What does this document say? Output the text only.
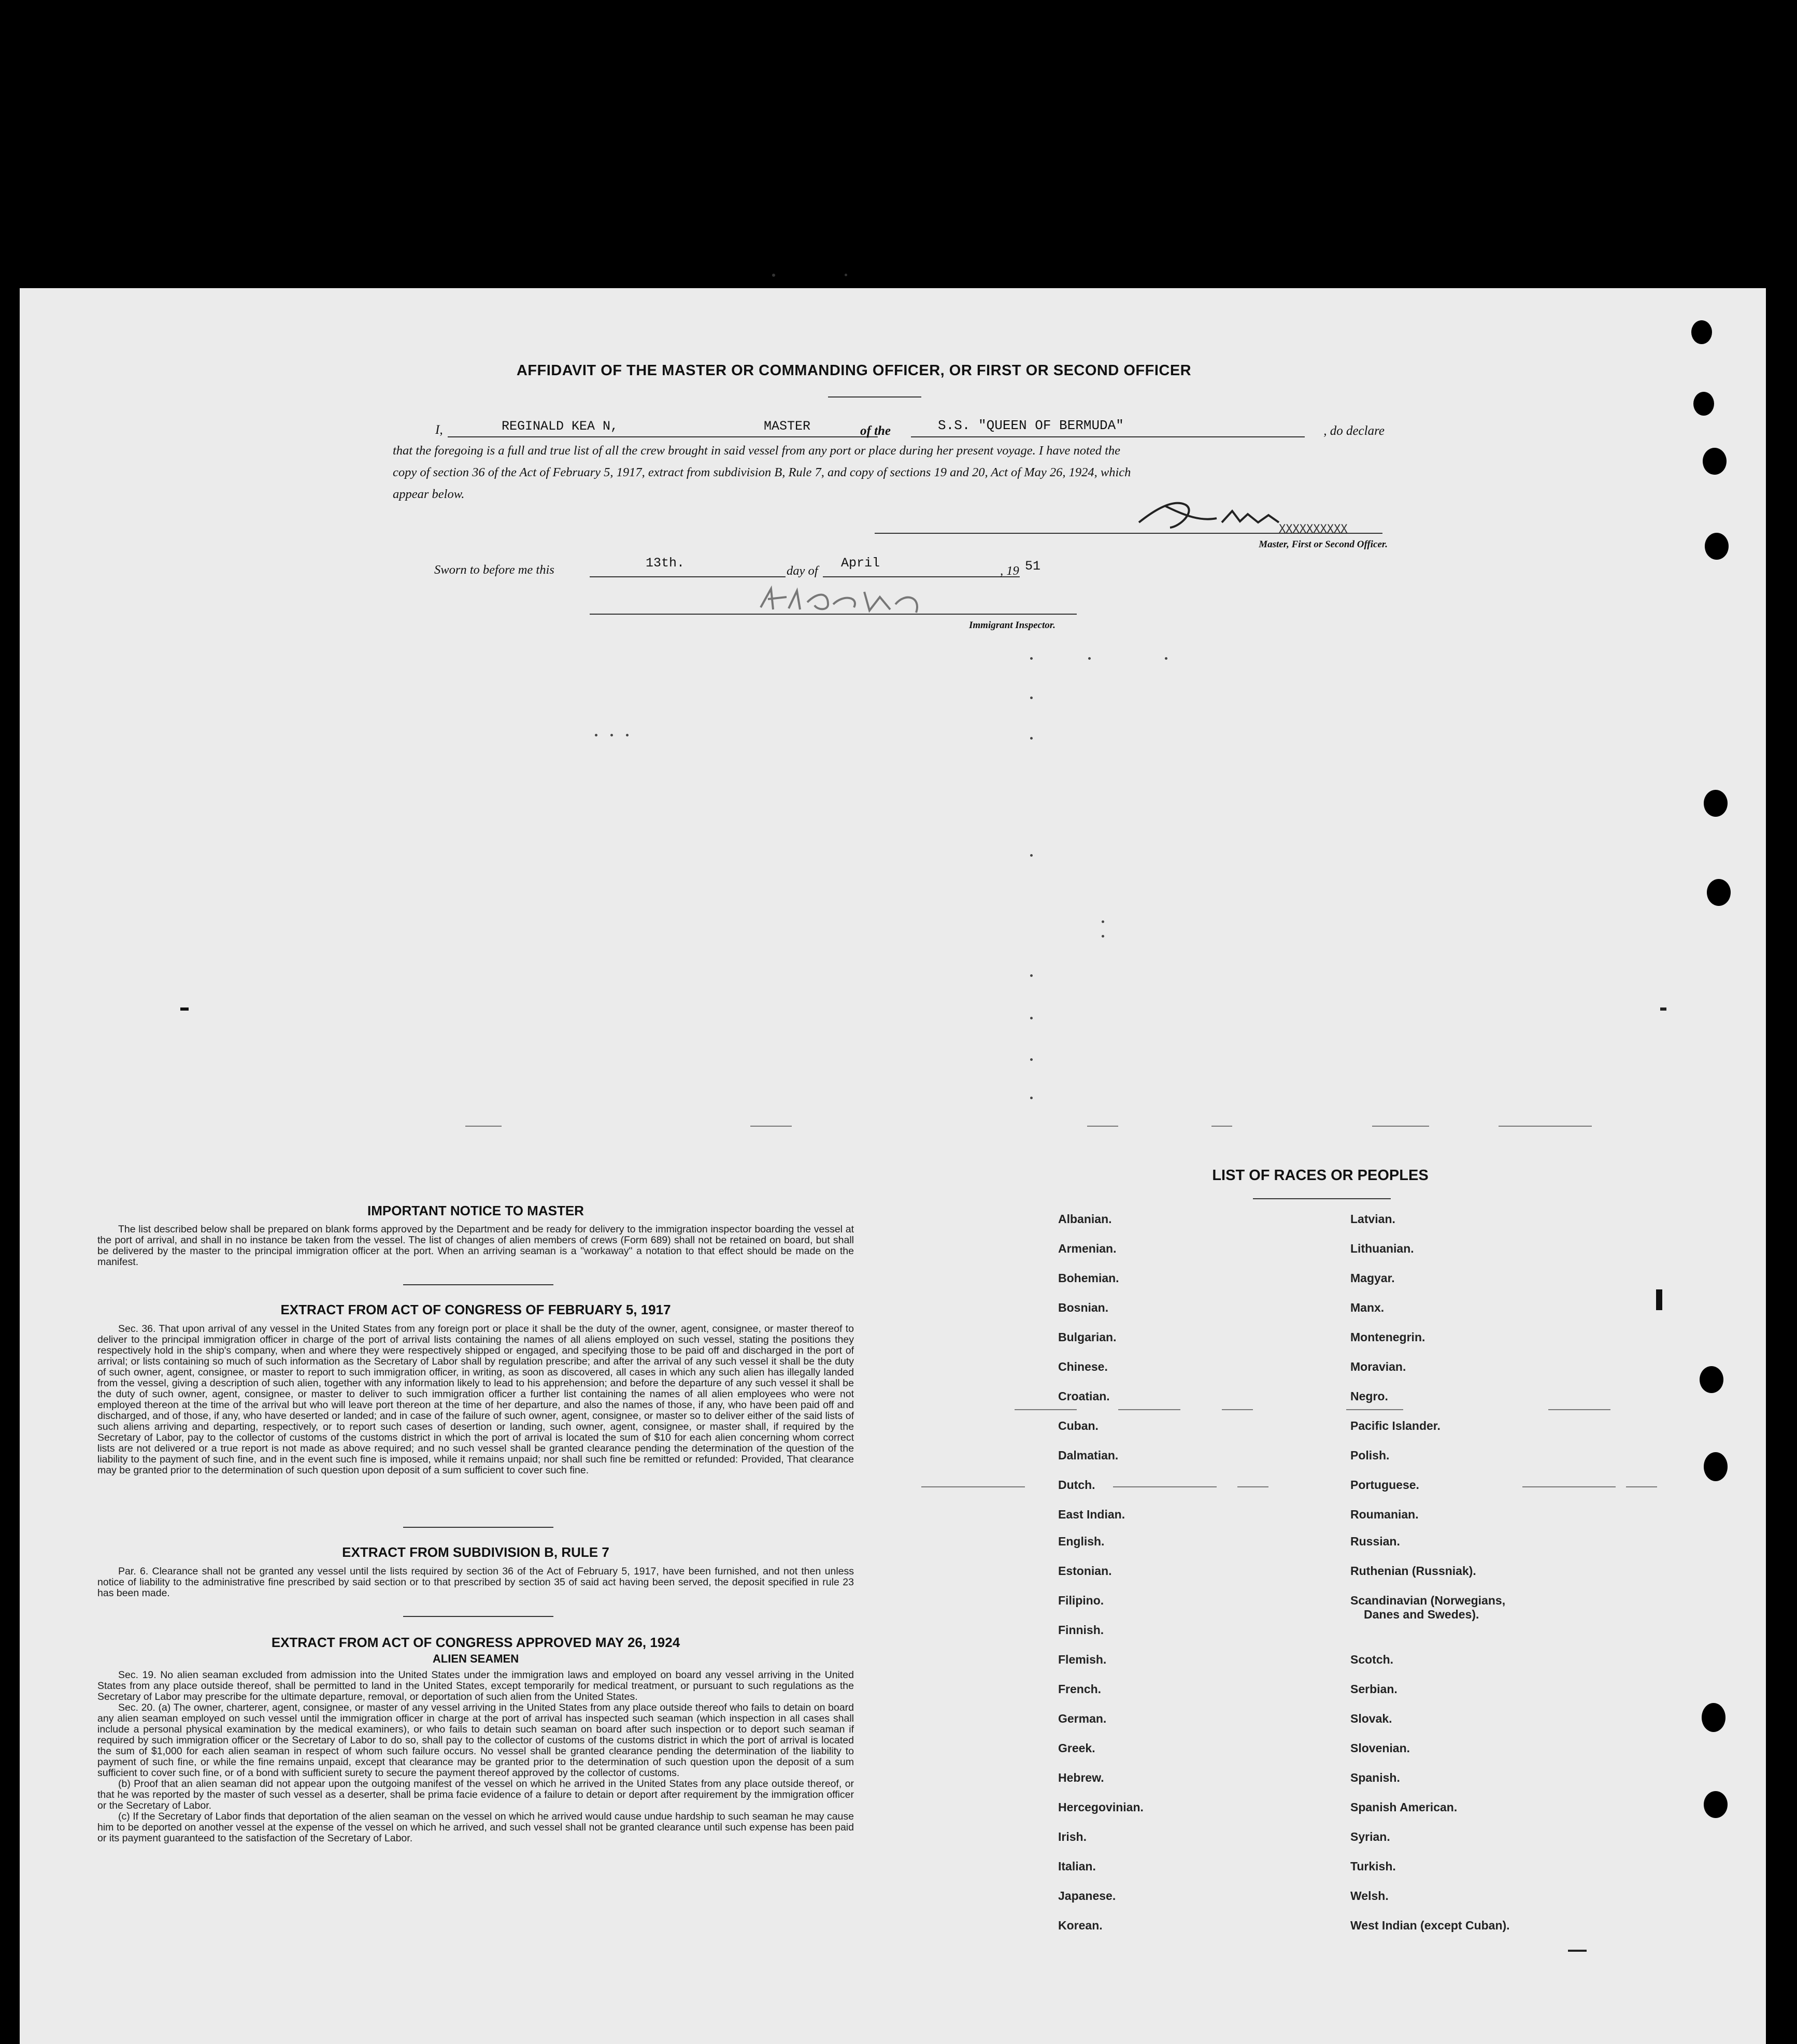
AFFIDAVIT OF THE MASTER OR COMMANDING OFFICER, OR FIRST OR SECOND OFFICER
I,	REGINALD KEA N,	MASTER	of the	S.S. "QUEEN OF BERMUDA"	, do declare
that the foregoing is a full and true list of all the crew brought in said vessel from any port or place during her present voyage. I have noted the
copy of section 36 of the Act of February 5, 1917, extract from subdivision B, Rule 7, and copy of sections 19 and 20, Act of May 26, 1924, which
appear below.
XXXXXXXXXX
Master, First or Second Officer.
Sworn to before me this	13th.
day of
April
, 19 51
Immigrant Inspector.
IMPORTANT NOTICE TO MASTER
The list described below shall be prepared on blank forms approved by the Department and be ready for delivery to the immigration inspector boarding the vessel at the port of arrival, and shall in no instance be taken from the vessel. The list of changes of alien members of crews (Form 689) shall not be retained on board, but shall be delivered by the master to the principal immigration officer at the port. When an arriving seaman is a "workaway" a notation to that effect should be made on the manifest.
EXTRACT FROM ACT OF CONGRESS OF FEBRUARY 5, 1917
Sec. 36. That upon arrival of any vessel in the United States from any foreign port or place it shall be the duty of the owner, agent, consignee, or master thereof to deliver to the principal immigration officer in charge of the port of arrival lists containing the names of all aliens employed on such vessel, stating the positions they respectively hold in the ship's company, when and where they were respectively shipped or engaged, and specifying those to be paid off and discharged in the port of arrival; or lists containing so much of such information as the Secretary of Labor shall by regulation prescribe; and after the arrival of any such vessel it shall be the duty of such owner, agent, consignee, or master to report to such immigration officer, in writing, as soon as discovered, all cases in which any such alien has illegally landed from the vessel, giving a description of such alien, together with any information likely to lead to his apprehension; and before the departure of any such vessel it shall be the duty of such owner, agent, consignee, or master to deliver to such immigration officer a further list containing the names of all alien employees who were not employed thereon at the time of the arrival but who will leave port thereon at the time of her departure, and also the names of those, if any, who have been paid off and discharged, and of those, if any, who have deserted or landed; and in case of the failure of such owner, agent, consignee, or master so to deliver either of the said lists of such aliens arriving and departing, respectively, or to report such cases of desertion or landing, such owner, agent, consignee, or master shall, if required by the Secretary of Labor, pay to the collector of customs of the customs district in which the port of arrival is located the sum of $10 for each alien concerning whom correct lists are not delivered or a true report is not made as above required; and no such vessel shall be granted clearance pending the determination of the question of the liability to the payment of such fine, and in the event such fine is imposed, while it remains unpaid; nor shall such fine be remitted or refunded: Provided, That clearance may be granted prior to the determination of such question upon deposit of a sum sufficient to cover such fine.
EXTRACT FROM SUBDIVISION B, RULE 7
Par. 6. Clearance shall not be granted any vessel until the lists required by section 36 of the Act of February 5, 1917, have been furnished, and not then unless notice of liability to the administrative fine prescribed by said section or to that prescribed by section 35 of said act having been served, the deposit specified in rule 23 has been made.
EXTRACT FROM ACT OF CONGRESS APPROVED MAY 26, 1924
ALIEN SEAMEN
Sec. 19. No alien seaman excluded from admission into the United States under the immigration laws and employed on board any vessel arriving in the United States from any place outside thereof, shall be permitted to land in the United States, except temporarily for medical treatment, or pursuant to such regulations as the Secretary of Labor may prescribe for the ultimate departure, removal, or deportation of such alien from the United States.
Sec. 20. (a) The owner, charterer, agent, consignee, or master of any vessel arriving in the United States from any place outside thereof who fails to detain on board any alien seaman employed on such vessel until the immigration officer in charge at the port of arrival has inspected such seaman (which inspection in all cases shall include a personal physical examination by the medical examiners), or who fails to detain such seaman on board after such inspection or to deport such seaman if required by such immigration officer or the Secretary of Labor to do so, shall pay to the collector of customs of the customs district in which the port of arrival is located the sum of $1,000 for each alien seaman in respect of whom such failure occurs. No vessel shall be granted clearance pending the determination of the liability to payment of such fine, or while the fine remains unpaid, except that clearance may be granted prior to the determination of such question upon the deposit of a sum sufficient to cover such fine, or of a bond with sufficient surety to secure the payment thereof approved by the collector of customs.
(b) Proof that an alien seaman did not appear upon the outgoing manifest of the vessel on which he arrived in the United States from any place outside thereof, or that he was reported by the master of such vessel as a deserter, shall be prima facie evidence of a failure to detain or deport after requirement by the immigration officer or the Secretary of Labor.
(c) If the Secretary of Labor finds that deportation of the alien seaman on the vessel on which he arrived would cause undue hardship to such seaman he may cause him to be deported on another vessel at the expense of the vessel on which he arrived, and such vessel shall not be granted clearance until such expense has been paid or its payment guaranteed to the satisfaction of the Secretary of Labor.
LIST OF RACES OR PEOPLES
Albanian.
Armenian.
Bohemian.
Bosnian.
Bulgarian.
Chinese.
Croatian.
Cuban.
Dalmatian.
Dutch.
East Indian.
English.
Estonian.
Filipino.
Finnish.
Flemish.
French.
German.
Greek.
Hebrew.
Hercegovinian.
Irish.
Italian.
Japanese.
Korean.
Latvian.
Lithuanian.
Magyar.
Manx.
Montenegrin.
Moravian.
Negro.
Pacific Islander.
Polish.
Portuguese.
Roumanian.
Russian.
Ruthenian (Russniak).
Scandinavian (Norwegians,
Danes and Swedes).
Scotch.
Serbian.
Slovak.
Slovenian.
Spanish.
Spanish American.
Syrian.
Turkish.
Welsh.
West Indian (except Cuban).
